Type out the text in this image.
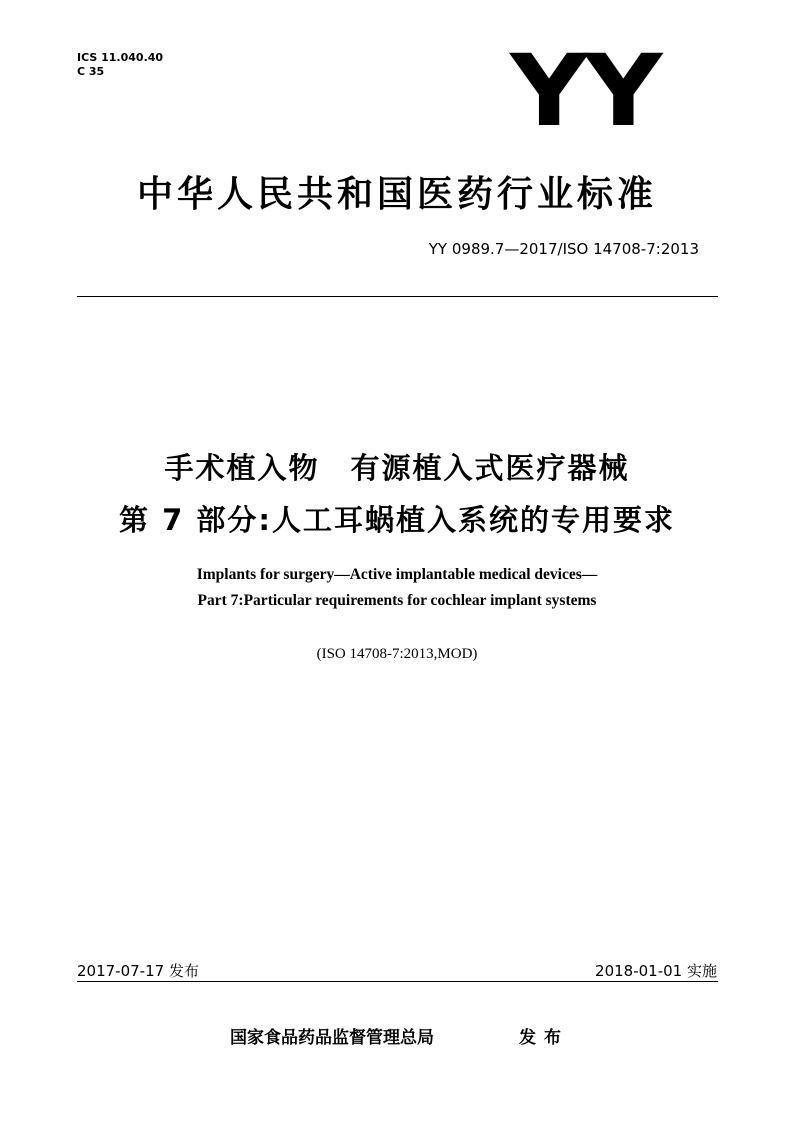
ICS 11.040.40
C 35	YY
中华人民共和国医药行业标准
YY 0989.7—2017/ISO 14708-7:2013
手术植入物　有源植入式医疗器械
第 7 部分:人工耳蜗植入系统的专用要求
Implants for surgery—Active implantable medical devices—
Part 7:Particular requirements for cochlear implant systems
(ISO 14708-7:2013,MOD)
2017-07-17 发布	2018-01-01 实施
国家食品药品监督管理总局	发布
